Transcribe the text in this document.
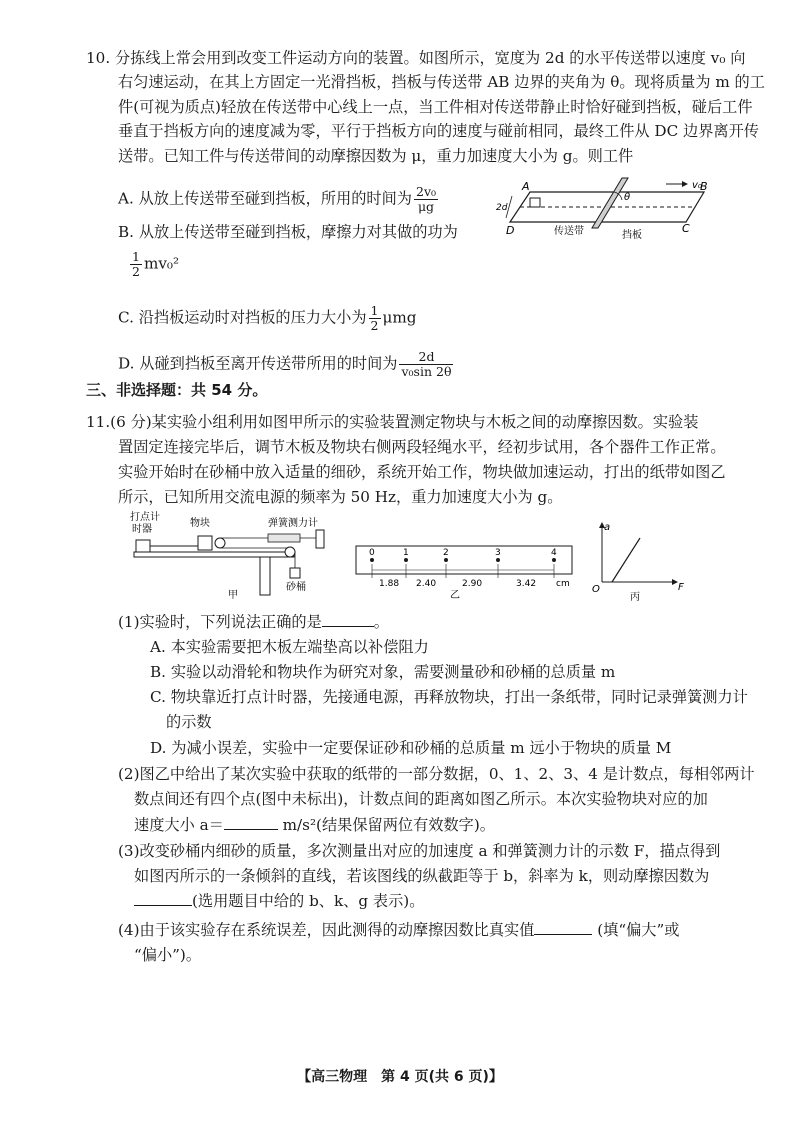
10. 分拣线上常会用到改变工件运动方向的装置。如图所示，宽度为 2d 的水平传送带以速度 v₀ 向
右匀速运动，在其上方固定一光滑挡板，挡板与传送带 AB 边界的夹角为 θ。现将质量为 m 的工
件(可视为质点)轻放在传送带中心线上一点，当工件相对传送带静止时恰好碰到挡板，碰后工件
垂直于挡板方向的速度减为零，平行于挡板方向的速度与碰前相同，最终工件从 DC 边界离开传
送带。已知工件与传送带间的动摩擦因数为 μ，重力加速度大小为 g。则工件
A. 从放上传送带至碰到挡板，所用的时间为 $\frac{\text{2v₀}}{\mu g}$
B. 从放上传送带至碰到挡板，摩擦力对其做的功为
$\frac{1}{2} mv_0^2$
C. 沿挡板运动时对挡板的压力大小为 $\frac{1}{2}$ μmg
D. 从碰到挡板至离开传送带所用的时间为 $\frac{2d}{\text{v₀sin 2θ}}$
A	B
C
D
v₀
θ
2d
传送带	挡板
三、非选择题：共 54 分。
11.(6 分)某实验小组利用如图甲所示的实验装置测定物块与木板之间的动摩擦因数。实验装
置固定连接完毕后，调节木板及物块右侧两段轻绳水平，经初步试用，各个器件工作正常。
实验开始时在砂桶中放入适量的细砂，系统开始工作，物块做加速运动，打出的纸带如图乙
所示，已知所用交流电源的频率为 50 Hz，重力加速度大小为 g。
打点计
时器
物块	弹簧测力计
砂桶
甲
0	1	2	3	4
1.88 2.40	2.90	3.42 cm
乙
a
F
O
丙
(1)实验时，下列说法正确的是	。
A. 本实验需要把木板左端垫高以补偿阻力
B. 实验以动滑轮和物块作为研究对象，需要测量砂和砂桶的总质量 m
C. 物块靠近打点计时器，先接通电源，再释放物块，打出一条纸带，同时记录弹簧测力计
的示数
D. 为减小误差，实验中一定要保证砂和砂桶的总质量 m 远小于物块的质量 M
(2)图乙中给出了某次实验中获取的纸带的一部分数据，0、1、2、3、4 是计数点，每相邻两计
数点间还有四个点(图中未标出)，计数点间的距离如图乙所示。本次实验物块对应的加
速度大小 a＝	m/s²(结果保留两位有效数字)。
(3)改变砂桶内细砂的质量，多次测量出对应的加速度 a 和弹簧测力计的示数 F，描点得到
如图丙所示的一条倾斜的直线，若该图线的纵截距等于 b，斜率为 k，则动摩擦因数为
(选用题目中给的 b、k、g 表示)。
(4)由于该实验存在系统误差，因此测得的动摩擦因数比真实值	(填“偏大”或
“偏小”)。
【高三物理　第 4 页(共 6 页)】
